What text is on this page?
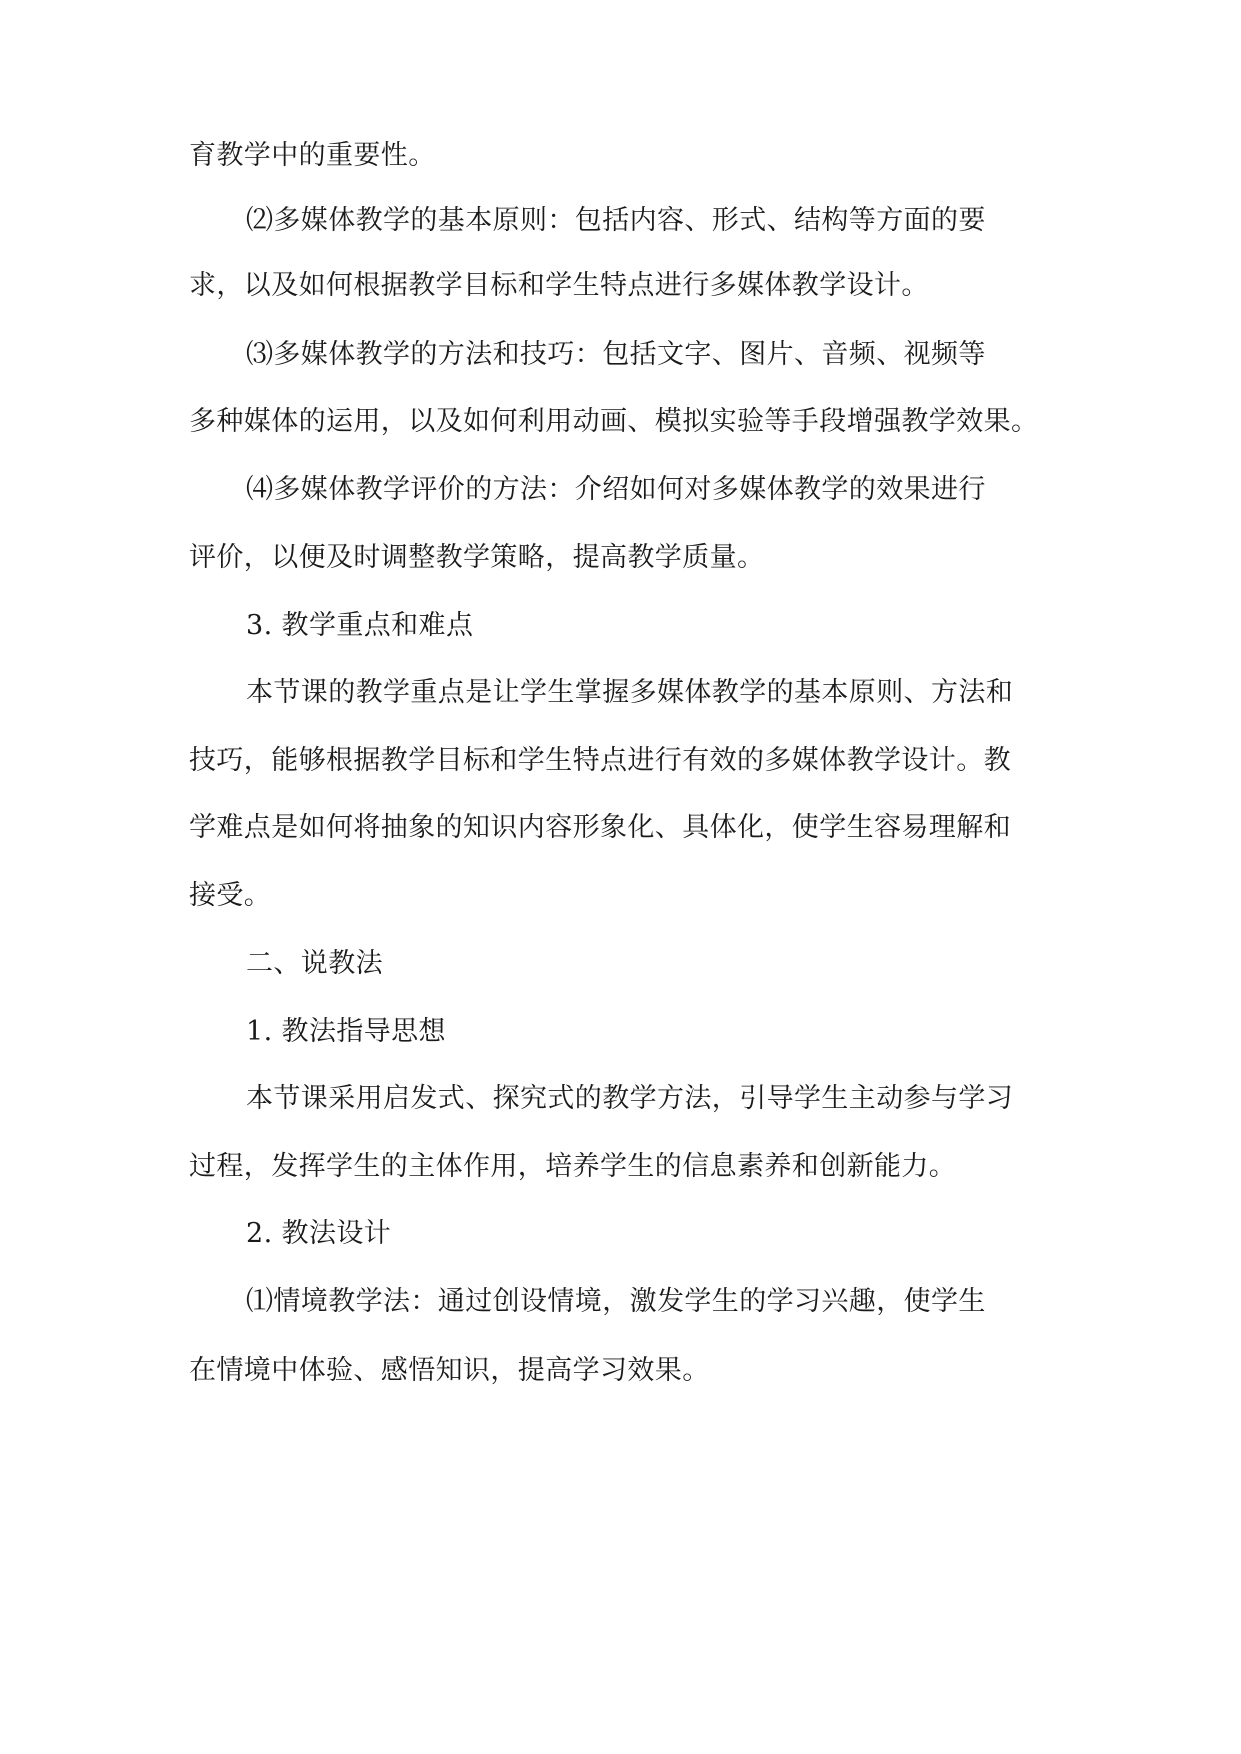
育教学中的重要性。
⑵多媒体教学的基本原则：包括内容、形式、结构等方面的要
求，以及如何根据教学目标和学生特点进行多媒体教学设计。
⑶多媒体教学的方法和技巧：包括文字、图片、音频、视频等
多种媒体的运用，以及如何利用动画、模拟实验等手段增强教学效果。
⑷多媒体教学评价的方法：介绍如何对多媒体教学的效果进行
评价，以便及时调整教学策略，提高教学质量。
3. 教学重点和难点
本节课的教学重点是让学生掌握多媒体教学的基本原则、方法和
技巧，能够根据教学目标和学生特点进行有效的多媒体教学设计。教
学难点是如何将抽象的知识内容形象化、具体化，使学生容易理解和
接受。
二、说教法
1. 教法指导思想
本节课采用启发式、探究式的教学方法，引导学生主动参与学习
过程，发挥学生的主体作用，培养学生的信息素养和创新能力。
2. 教法设计
⑴情境教学法：通过创设情境，激发学生的学习兴趣，使学生
在情境中体验、感悟知识，提高学习效果。
